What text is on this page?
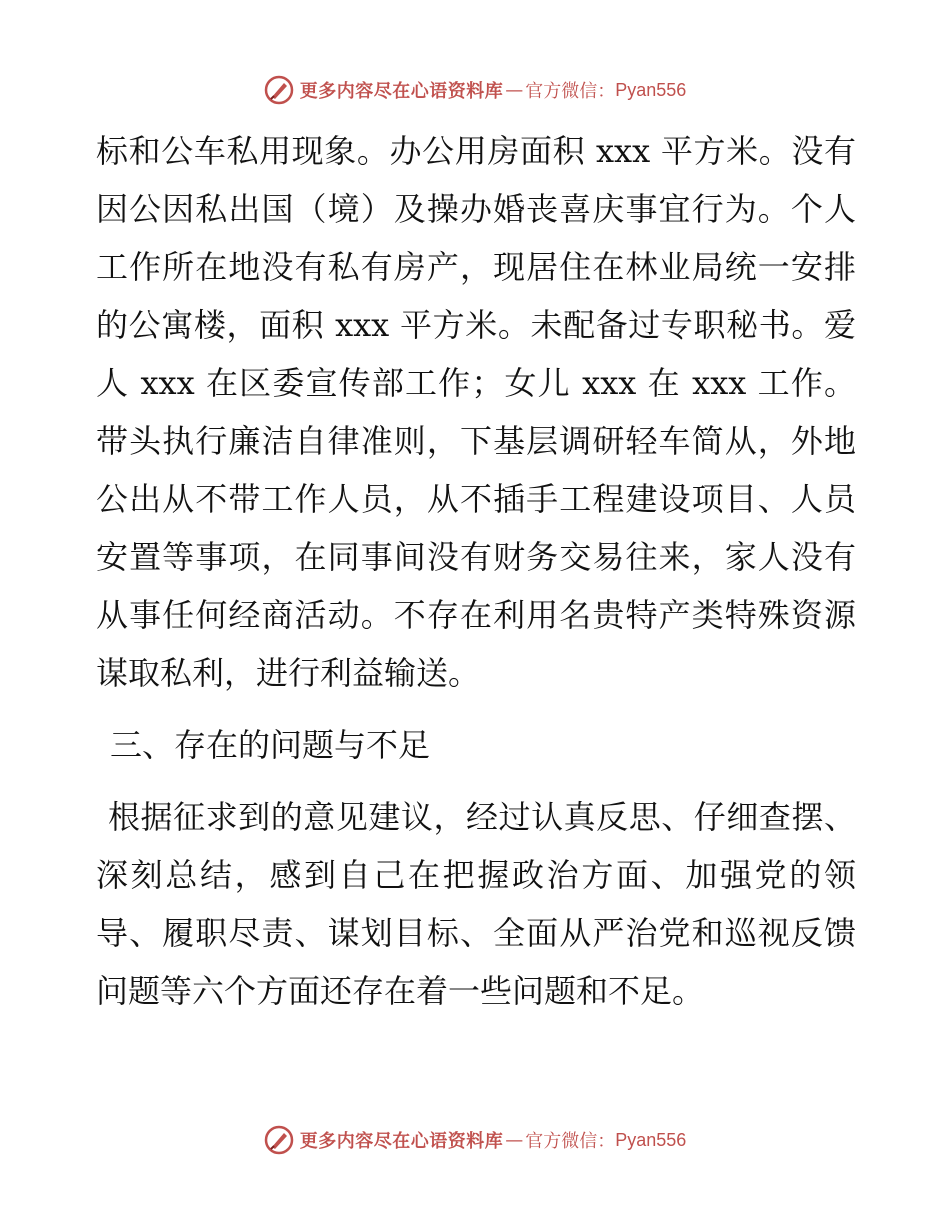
更多内容尽在心语资料库 — 官方微信： Pyan556

标和公车私用现象。办公用房面积 xxx 平方米。没有因公因私出国（境）及操办婚丧喜庆事宜行为。个人工作所在地没有私有房产，现居住在林业局统一安排的公寓楼，面积 xxx 平方米。未配备过专职秘书。爱人 xxx 在区委宣传部工作；女儿 xxx 在 xxx 工作。带头执行廉洁自律准则，下基层调研轻车简从，外地公出从不带工作人员，从不插手工程建设项目、人员安置等事项，在同事间没有财务交易往来，家人没有从事任何经商活动。不存在利用名贵特产类特殊资源谋取私利，进行利益输送。

三、存在的问题与不足

根据征求到的意见建议，经过认真反思、仔细查摆、深刻总结，感到自己在把握政治方面、加强党的领导、履职尽责、谋划目标、全面从严治党和巡视反馈问题等六个方面还存在着一些问题和不足。

更多内容尽在心语资料库 — 官方微信： Pyan556
